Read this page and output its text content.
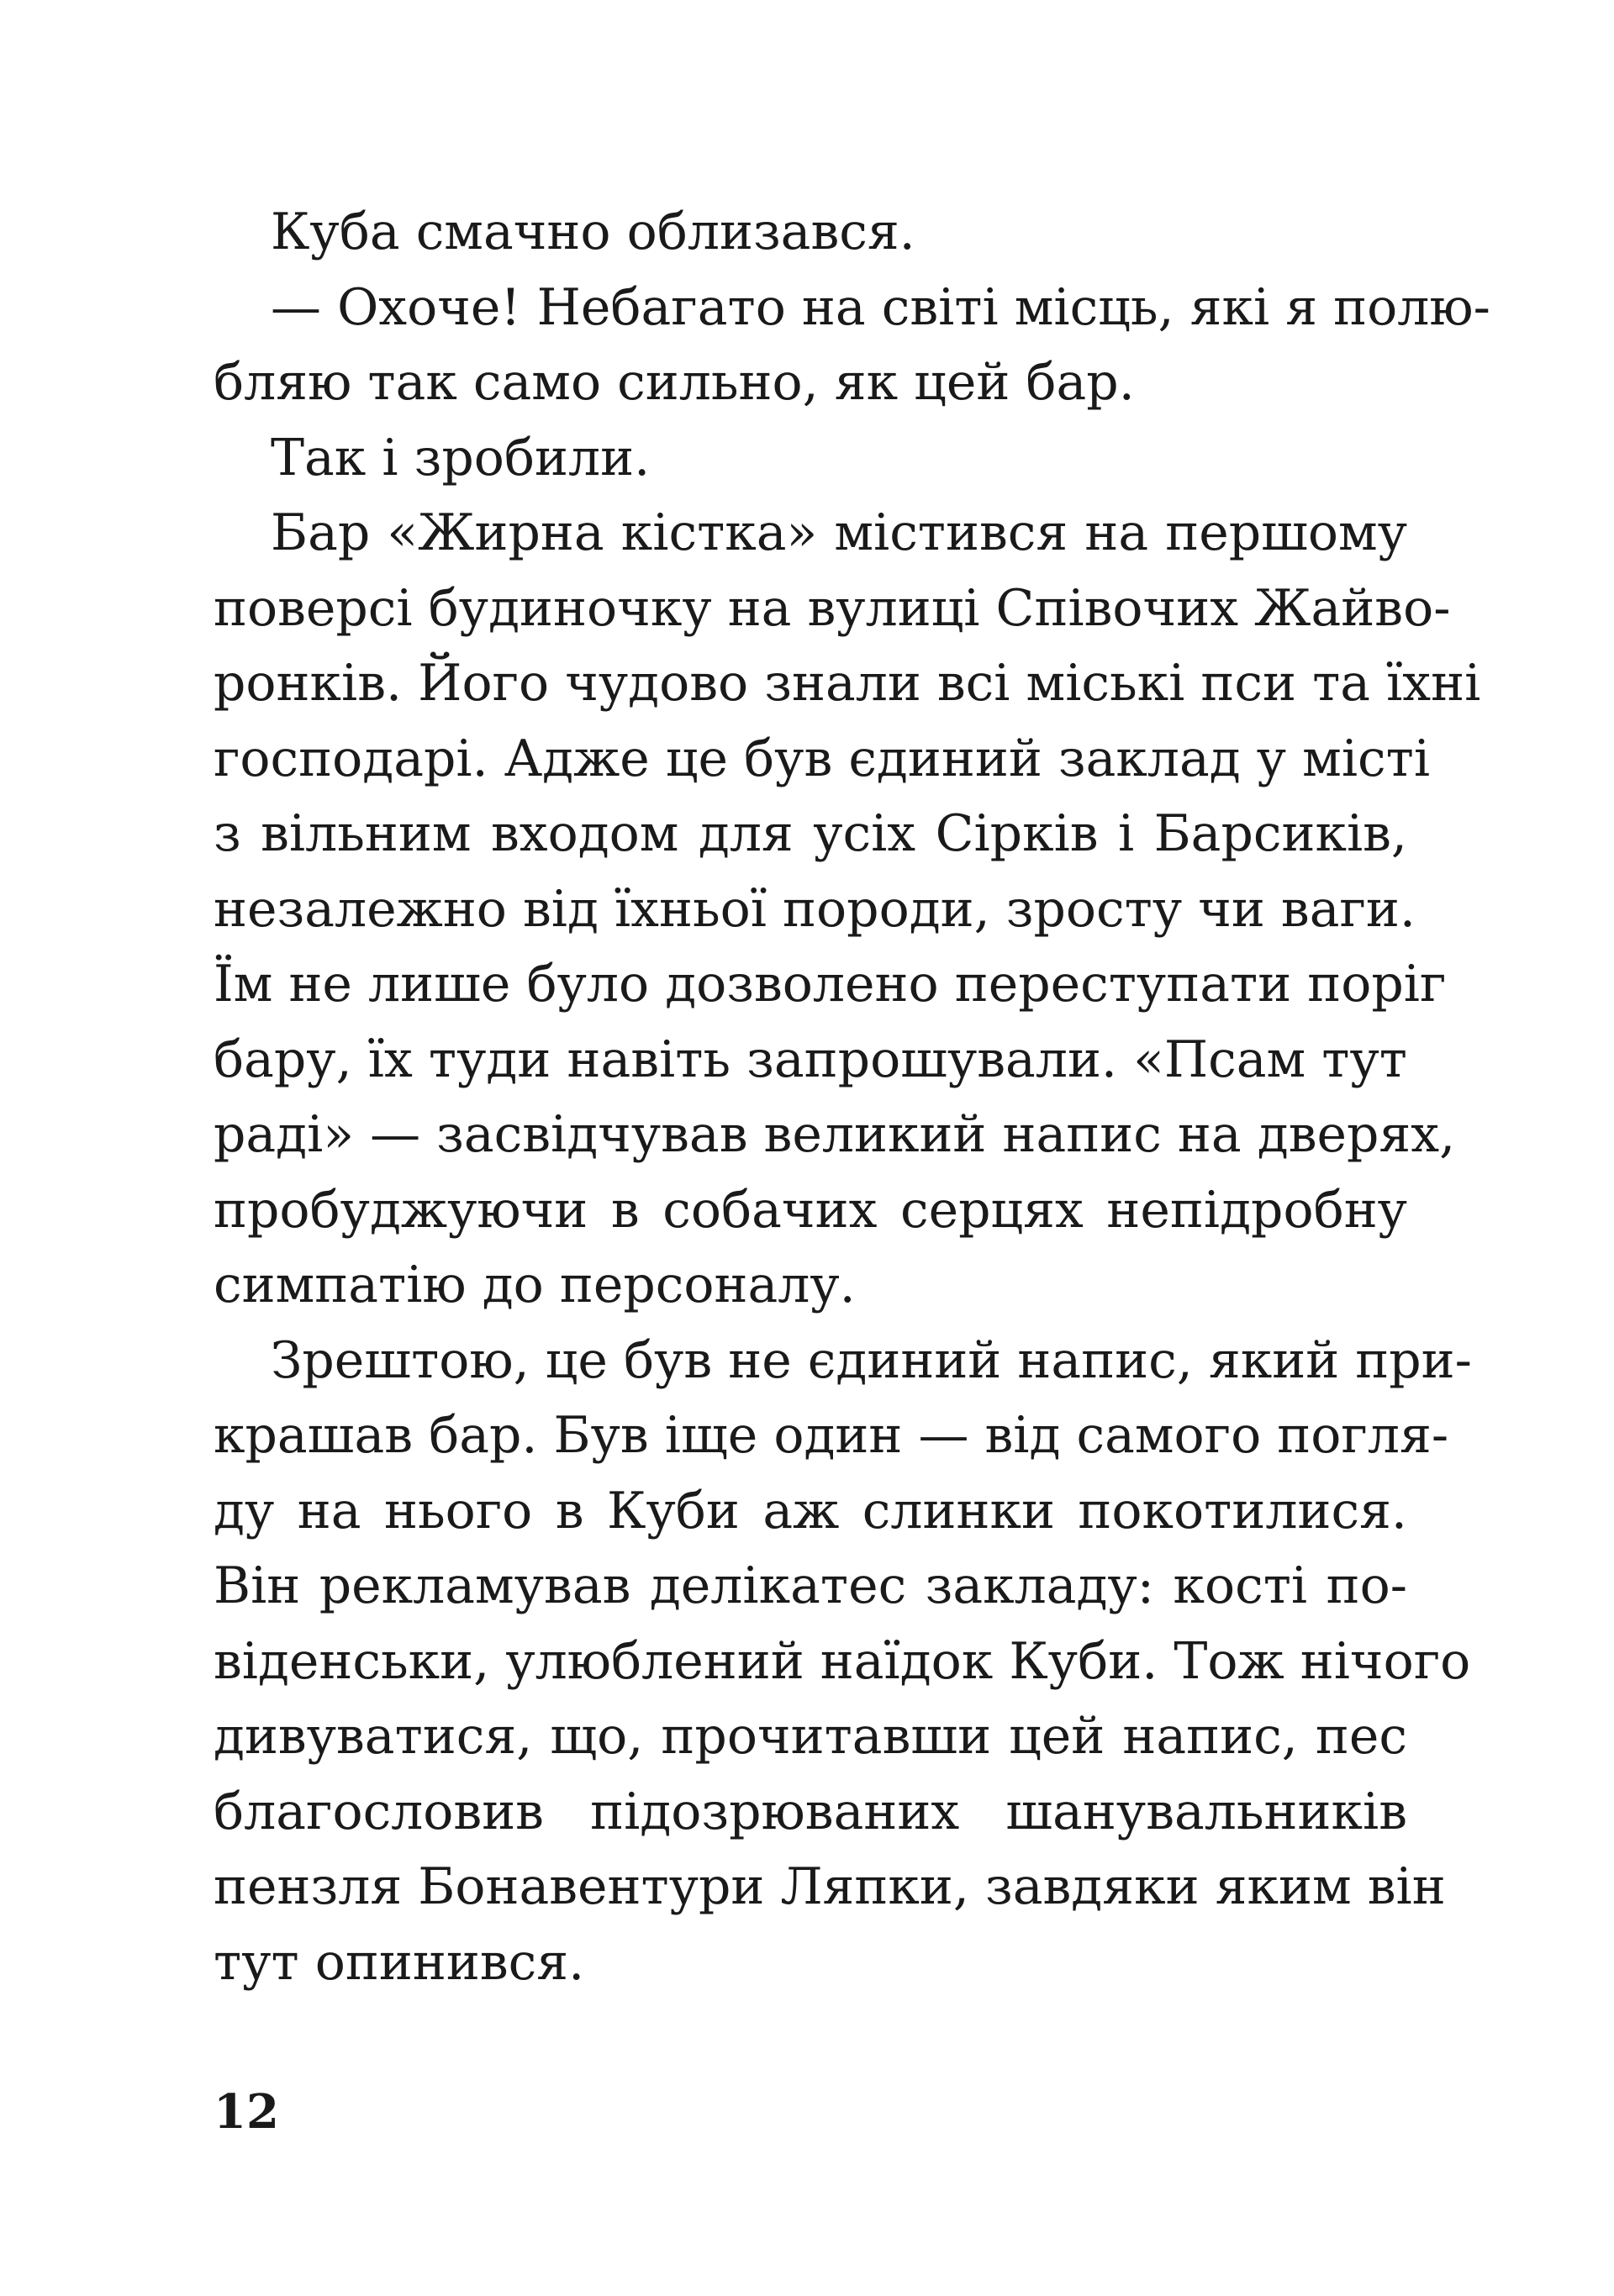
Куба смачно облизався.
— Охоче! Небагато на світі місць, які я полю-
бляю так само сильно, як цей бар.
Так і зробили.
Бар «Жирна кістка» містився на першому
поверсі будиночку на вулиці Співочих Жайво-
ронків. Його чудово знали всі міські пси та їхні
господарі. Адже це був єдиний заклад у місті
з вільним входом для усіх Сірків і Барсиків,
незалежно від їхньої породи, зросту чи ваги.
Їм не лише було дозволено переступати поріг
бару, їх туди навіть запрошували. «Псам тут
раді» — засвідчував великий напис на дверях,
пробуджуючи в собачих серцях непідробну
симпатію до персоналу.
Зрештою, це був не єдиний напис, який при-
крашав бар. Був іще один — від самого погля-
ду на нього в Куби аж слинки покотилися.
Він рекламував делікатес закладу: кості по-
віденськи, улюблений наїдок Куби. Тож нічого
дивуватися, що, прочитавши цей напис, пес
благословив підозрюваних шанувальників
пензля Бонавентури Ляпки, завдяки яким він
тут опинився.
12
